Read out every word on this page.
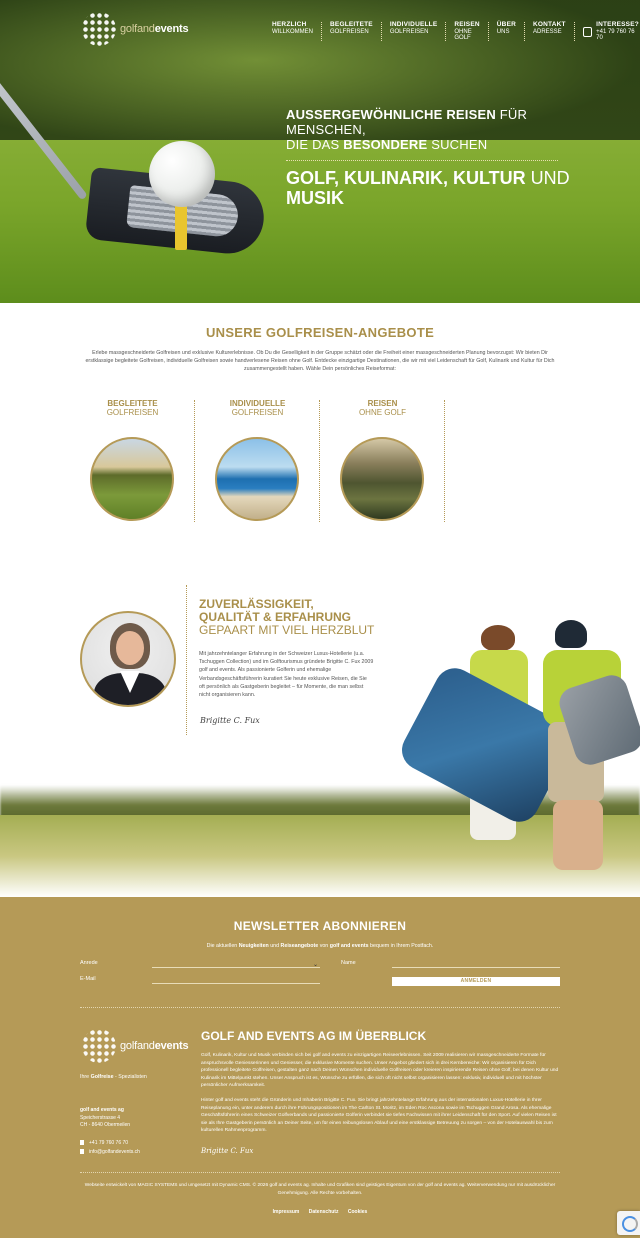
golfandevents	HERZLICH
WILLKOMMEN
BEGLEITETE
GOLFREISEN
INDIVIDUELLE
GOLFREISEN
REISEN
OHNE GOLF
ÜBER
UNS
KONTAKT
ADRESSE
INTERESSE?
+41 79 760 76 70
AUSSERGEWÖHNLICHE REISEN FÜR MENSCHEN,
DIE DAS BESONDERE SUCHEN
GOLF, KULINARIK, KULTUR UND
MUSIK
UNSERE GOLFREISEN-ANGEBOTE

Erlebe massgeschneiderte Golfreisen und exklusive Kulturerlebnisse. Ob Du die Geselligkeit in der Gruppe schätzt oder die Freiheit einer massgeschneiderten Planung bevorzugst: Wir bieten Dir erstklassige begleitete Golfreisen, individuelle Golfreisen sowie handverlesene Reisen ohne Golf. Entdecke einzigartige Destinationen, die wir mit viel Leidenschaft für Golf, Kulinarik und Kultur für Dich zusammengestellt haben. Wähle Dein persönliches Reiseformat:

BEGLEITETE
GOLFREISEN
INDIVIDUELLE
GOLFREISEN
REISEN
OHNE GOLF
ZUVERLÄSSIGKEIT,
QUALITÄT & ERFAHRUNG
GEPAART MIT VIEL HERZBLUT

Mit jahrzehntelanger Erfahrung in der Schweizer Luxus-Hotellerie (u.a. Tschuggen Collection) und im Golftourismus gründete Brigitte C. Fux 2009 golf and events. Als passionierte Golferin und ehemalige Verbandsgeschäftsführerin kuratiert Sie heute exklusive Reisen, die Sie oft persönlich als Gastgeberin begleitet – für Momente, die man selbst nicht organisieren kann.

Brigitte C. Fux
NEWSLETTER ABONNIEREN

Die aktuellen Neuigkeiten und Reiseangebote von golf and events bequem in Ihrem Postfach.

Anrede	⌄	Name
E-Mail	ANMELDEN
golfandevents
Ihre Golfreise - Spezialisten
golf and events ag
Speicherstrasse 4
CH - 8640 Obermeilen
+41 79 760 76 70
info@golfandevents.ch
GOLF AND EVENTS AG IM ÜBERBLICK

Golf, Kulinarik, Kultur und Musik verbinden sich bei golf and events zu einzigartigen Reiseerlebnissen. Seit 2009 realisieren wir massgeschneiderte Formate für anspruchsvolle Geniesserinnen und Geniesser, die exklusive Momente suchen. Unser Angebot gliedert sich in drei Kernbereiche: Wir organisieren für Dich professionell begleitete Golfreisen, gestalten ganz nach Deinen Wünschen individuelle Golfreisen oder kreieren inspirierende Reisen ohne Golf, bei denen Kultur und Kulinarik im Mittelpunkt stehen. Unser Anspruch ist es, Wünsche zu erfüllen, die sich oft nicht selbst organisieren lassen: exklusiv, individuell und mit höchster persönlicher Aufmerksamkeit.

Hinter golf and events steht die Gründerin und Inhaberin Brigitte C. Fux. Sie bringt jahrzehntelange Erfahrung aus der internationalen Luxus-Hotellerie in Ihrer Reiseplanung ein, unter anderem durch ihre Führungspositionen im The Carlton St. Moritz, im Eden Roc Ascona sowie im Tschuggen Grand Arosa. Als ehemalige Geschäftsführerin eines Schweizer Golfverbands und passionierte Golferin verbindet sie tiefes Fachwissen mit ihrer Leidenschaft für den Sport. Auf vielen Reisen ist sie als Ihre Gastgeberin persönlich an Deiner Seite, um für einen reibungslosen Ablauf und eine erstklassige Betreuung zu sorgen – von der Hotelauswahl bis zum kulturellen Rahmenprogramm.

Brigitte C. Fux

Webseite entwickelt von MAGIC SYSTEMS und umgesetzt mit Dynamic CMS. © 2026 golf and events ag. Inhalte und Grafiken sind geistiges Eigentum von der golf and events ag. Weiterverwendung nur mit ausdrücklicher Genehmigung. Alle Rechte vorbehalten.

Impressum Datenschutz Cookies
